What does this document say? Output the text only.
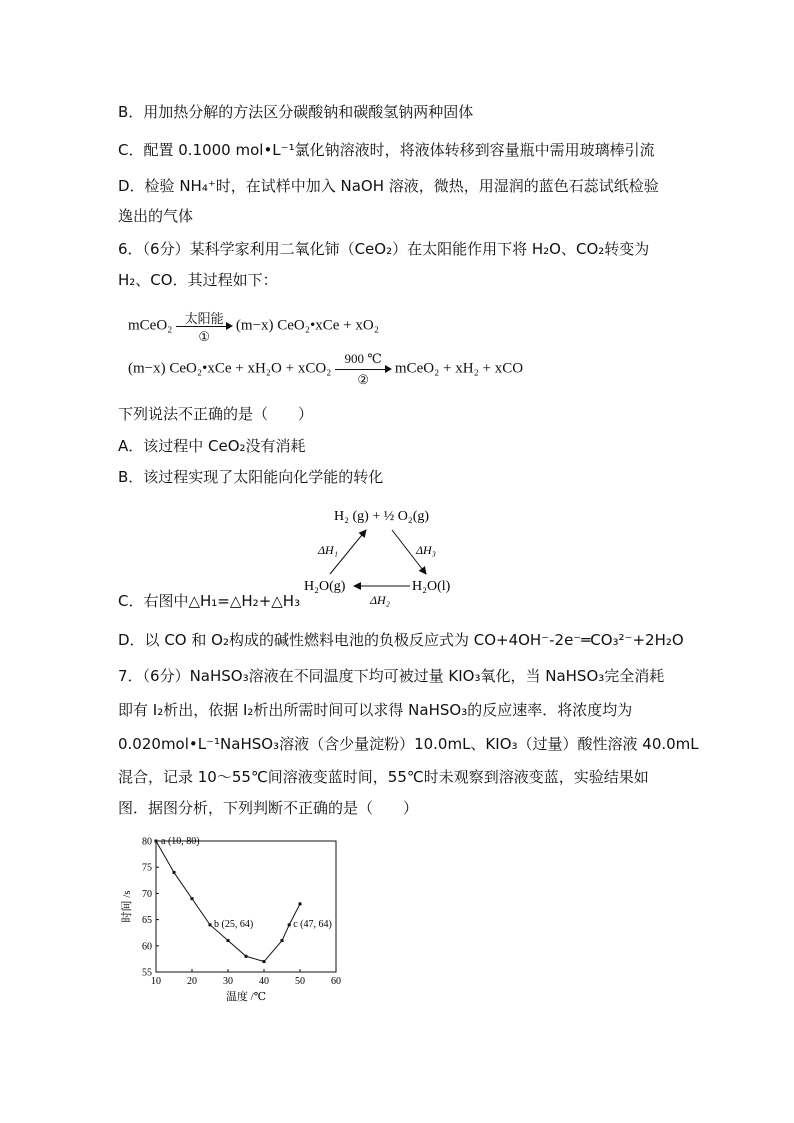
B．用加热分解的方法区分碳酸钠和碳酸氢钠两种固体
C．配置 0.1000 mol•L⁻¹氯化钠溶液时，将液体转移到容量瓶中需用玻璃棒引流
D．检验 NH₄⁺时，在试样中加入 NaOH 溶液，微热，用湿润的蓝色石蕊试纸检验
逸出的气体
6．（6分）某科学家利用二氧化铈（CeO₂）在太阳能作用下将 H₂O、CO₂转变为
H₂、CO．其过程如下：
mCeO₂ 太阳能
①
(m−x) CeO₂•xCe + xO₂
(m−x) CeO₂•xCe + xH₂O + xCO₂
900 ℃
②
mCeO₂ + xH₂ + xCO
下列说法不正确的是（　　）
A．该过程中 CeO₂没有消耗
B．该过程实现了太阳能向化学能的转化
H₂ (g) + ½ O₂(g)
H₂O(g)	H₂O(l)
ΔH₁	ΔH₃
ΔH₂
C．右图中△H₁=△H₂+△H₃
D．以 CO 和 O₂构成的碱性燃料电池的负极反应式为 CO+4OH⁻-2e⁻═CO₃²⁻+2H₂O
7．（6分）NaHSO₃溶液在不同温度下均可被过量 KIO₃氧化，当 NaHSO₃完全消耗
即有 I₂析出，依据 I₂析出所需时间可以求得 NaHSO₃的反应速率．将浓度均为
0.020mol•L⁻¹NaHSO₃溶液（含少量淀粉）10.0mL、KIO₃（过量）酸性溶液 40.0mL
混合，记录 10～55℃间溶液变蓝时间，55℃时未观察到溶液变蓝，实验结果如
图．据图分析，下列判断不正确的是（　　）
10	20	30	40	50	60
55
60
65
70
75
80
温度 /℃
时间 /s
a (10, 80)
b (25, 64)	c (47, 64)
